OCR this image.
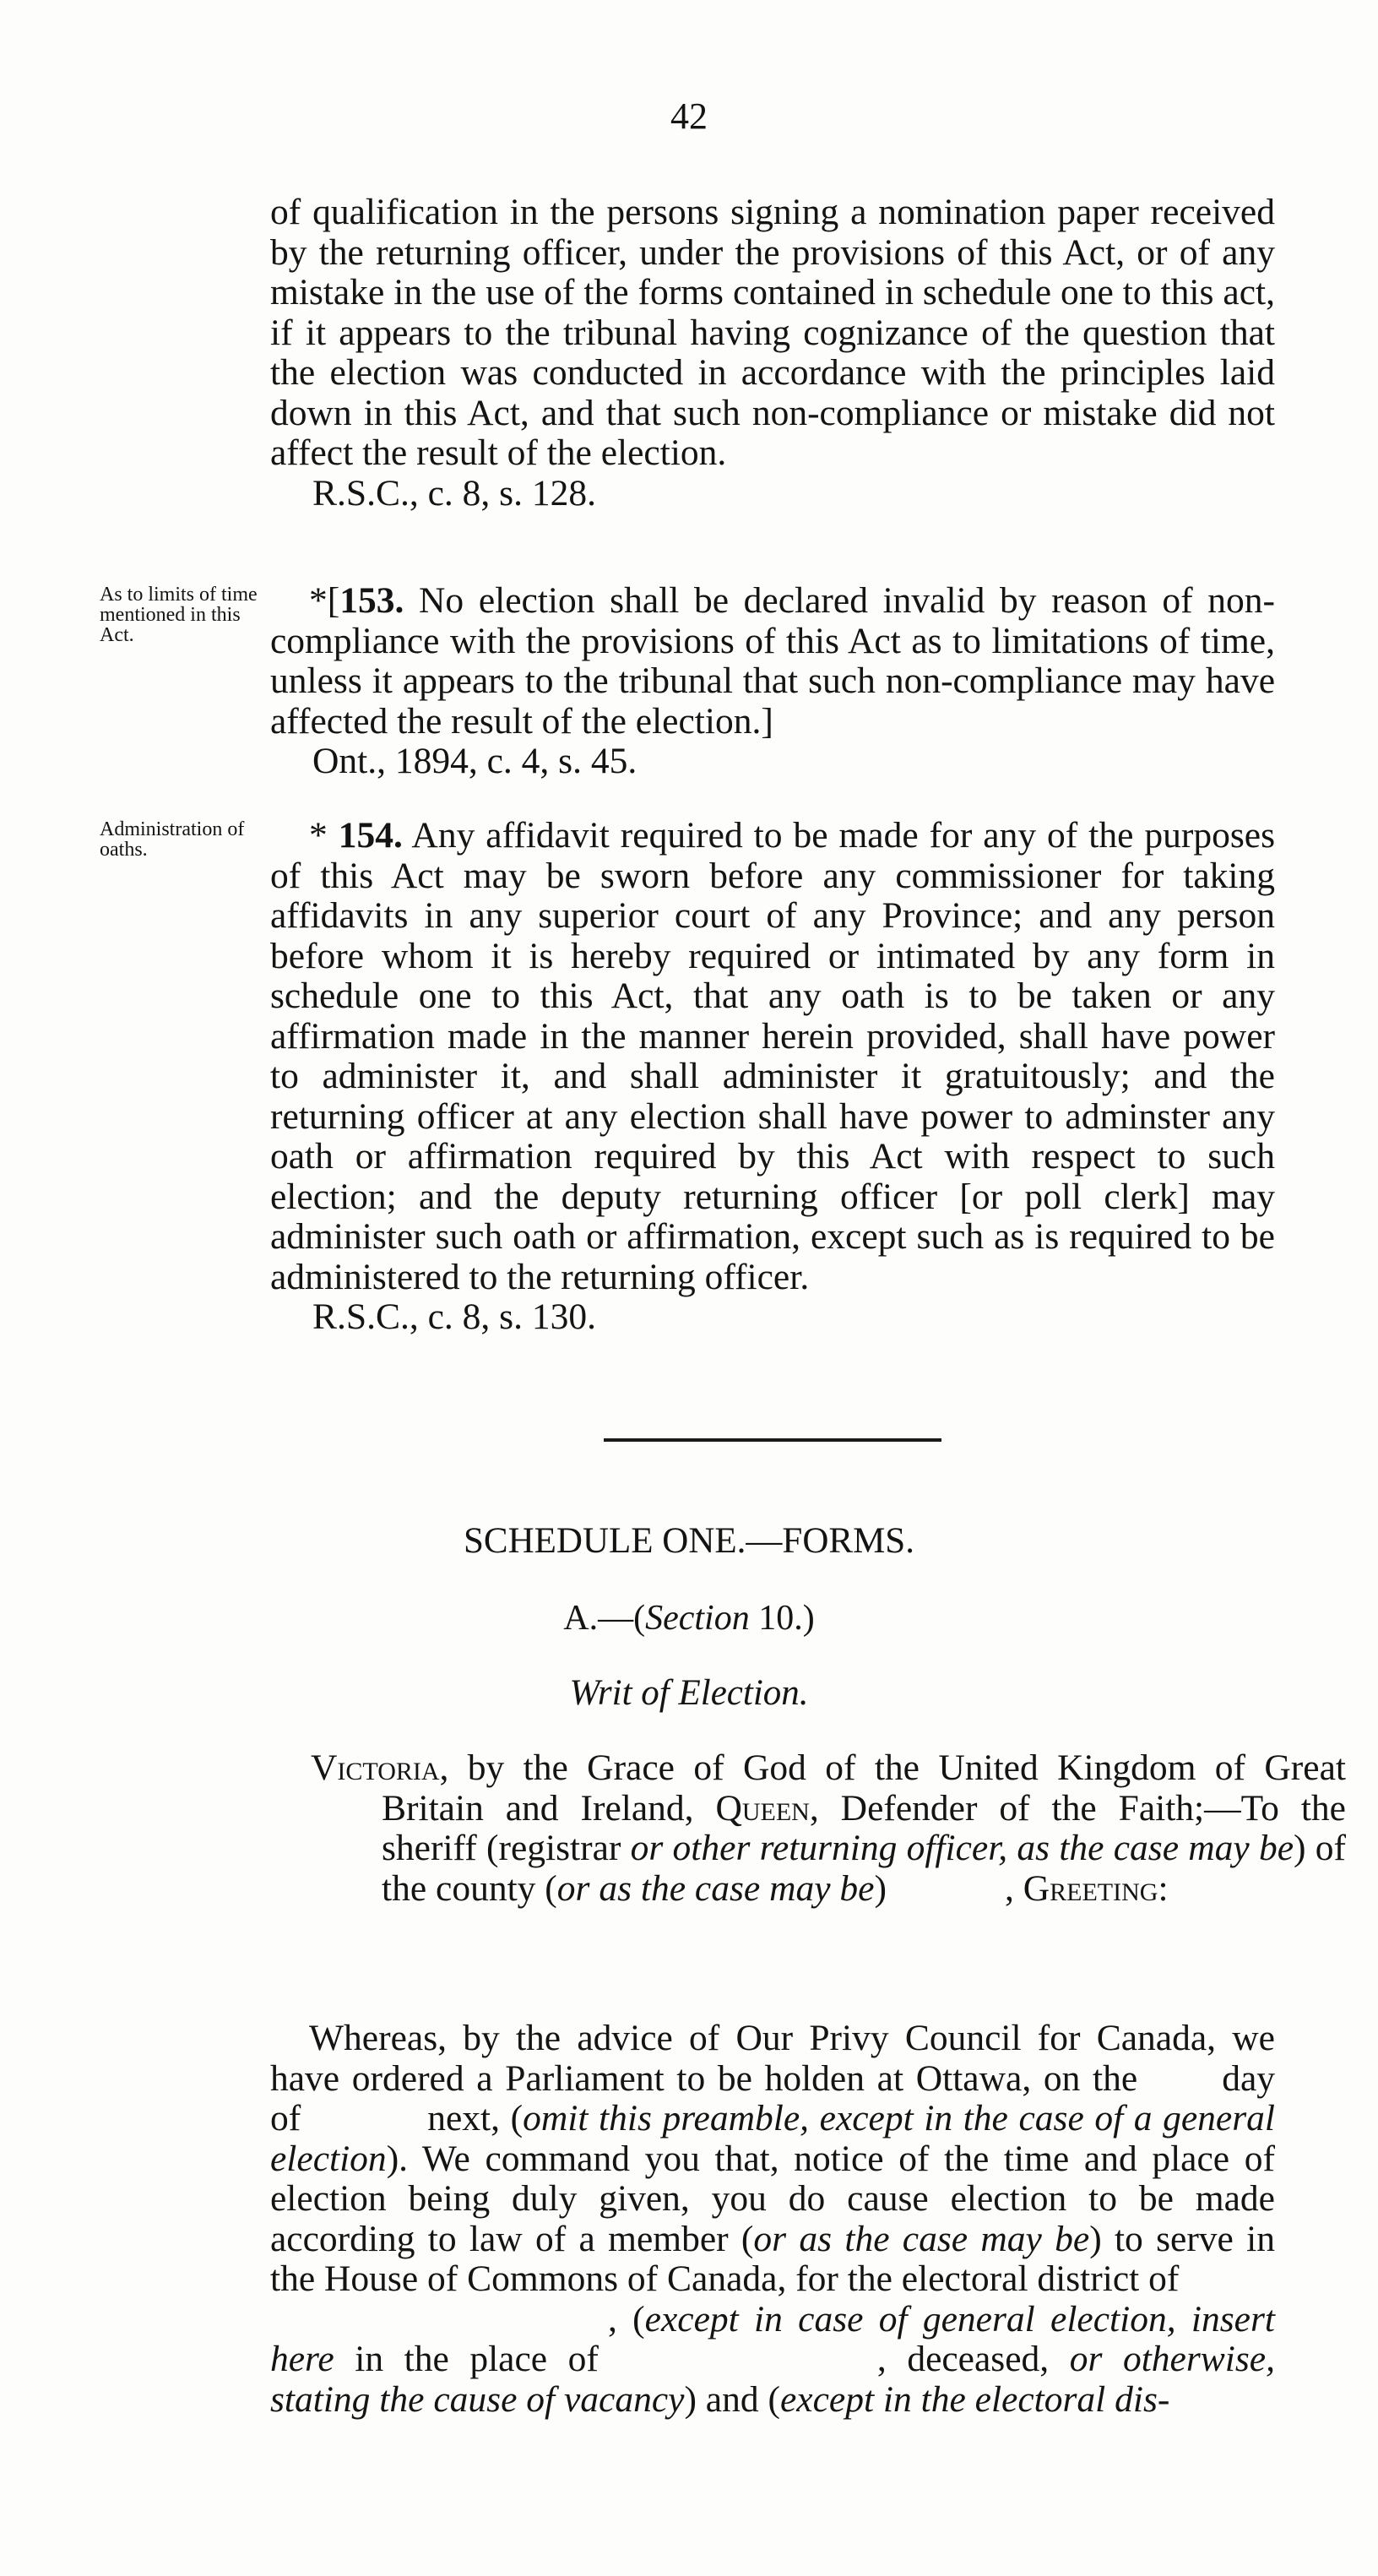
42

of qualification in the persons signing a nomination paper received by the returning officer, under the provisions of this Act, or of any mistake in the use of the forms contained in schedule one to this act, if it appears to the tribunal having cognizance of the question that the election was conducted in accordance with the principles laid down in this Act, and that such non-compliance or mistake did not affect the result of the election.

R.S.C., c. 8, s. 128.

As to limits of time mentioned in this Act.

*[153. No election shall be declared invalid by reason of non-compliance with the provisions of this Act as to limitations of time, unless it appears to the tribunal that such non-compliance may have affected the result of the election.]

Ont., 1894, c. 4, s. 45.

Administration of oaths.	* 154. Any affidavit required to be made for any of the purposes of this Act may be sworn before any commissioner for taking affidavits in any superior court of any Province; and any person before whom it is hereby required or intimated by any form in schedule one to this Act, that any oath is to be taken or any affirmation made in the manner herein provided, shall have power to administer it, and shall administer it gratuitously; and the returning officer at any election shall have power to adminster any oath or affirmation required by this Act with respect to such election; and the deputy returning officer [or poll clerk] may administer such oath or affirmation, except such as is required to be administered to the returning officer.

R.S.C., c. 8, s. 130.

SCHEDULE ONE.—FORMS.
A.—(Section 10.)
Writ of Election.

Victoria, by the Grace of God of the United Kingdom of Great Britain and Ireland, Queen, Defender of the Faith;—To the sheriff (registrar or other returning officer, as the case may be) of the county (or as the case may be)	, Greeting:

Whereas, by the advice of Our Privy Council for Canada, we have ordered a Parliament to be holden at Ottawa, on the day of	next, (omit this preamble, except in the case of a general election). We command you that, notice of the time and place of election being duly given, you do cause election to be made according to law of a member (or as the case may be) to serve in the House of Commons of Canada, for the electoral district of
, (except in case of general election, insert here in the place of	, deceased, or otherwise, stating the cause of vacancy) and (except in the electoral dis-
